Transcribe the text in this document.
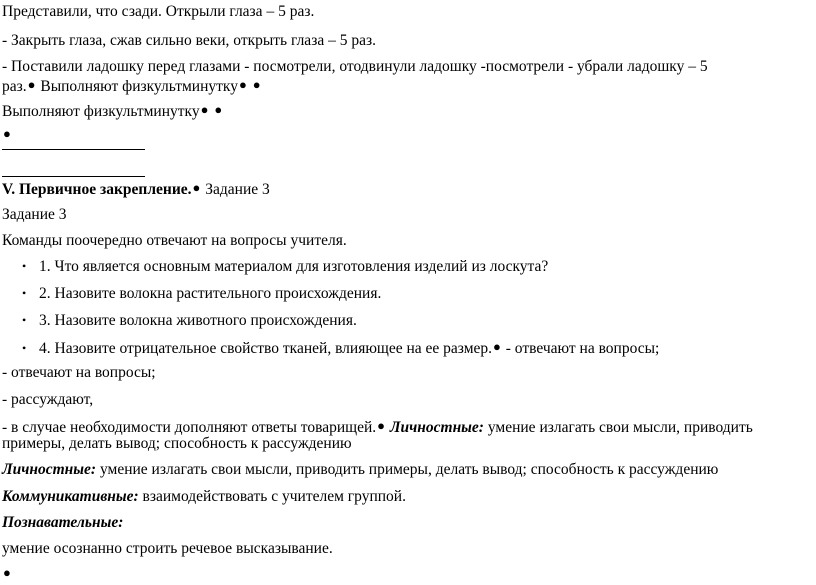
Представили, что сзади. Открыли глаза – 5 раз.
- Закрыть глаза, сжав сильно веки, открыть глаза – 5 раз.
- Поставили ладошку перед глазами - посмотрели, отодвинули ладошку -посмотрели - убрали ладошку – 5
раз.● Выполняют физкультминутку● ●
Выполняют физкультминутку● ●
●
V. Первичное закрепление.● Задание 3
Задание 3
Команды поочередно отвечают на вопросы учителя.
• 1. Что является основным материалом для изготовления изделий из лоскута?
• 2. Назовите волокна растительного происхождения.
• 3. Назовите волокна животного происхождения.
• 4. Назовите отрицательное свойство тканей, влияющее на ее размер.● - отвечают на вопросы;
- отвечают на вопросы;
- рассуждают,
- в случае необходимости дополняют ответы товарищей.● Личностные: умение излагать свои мысли, приводить
примеры, делать вывод; способность к рассуждению
Личностные: умение излагать свои мысли, приводить примеры, делать вывод; способность к рассуждению
Коммуникативные: взаимодействовать с учителем группой.
Познавательные:
умение осознанно строить речевое высказывание.
●
